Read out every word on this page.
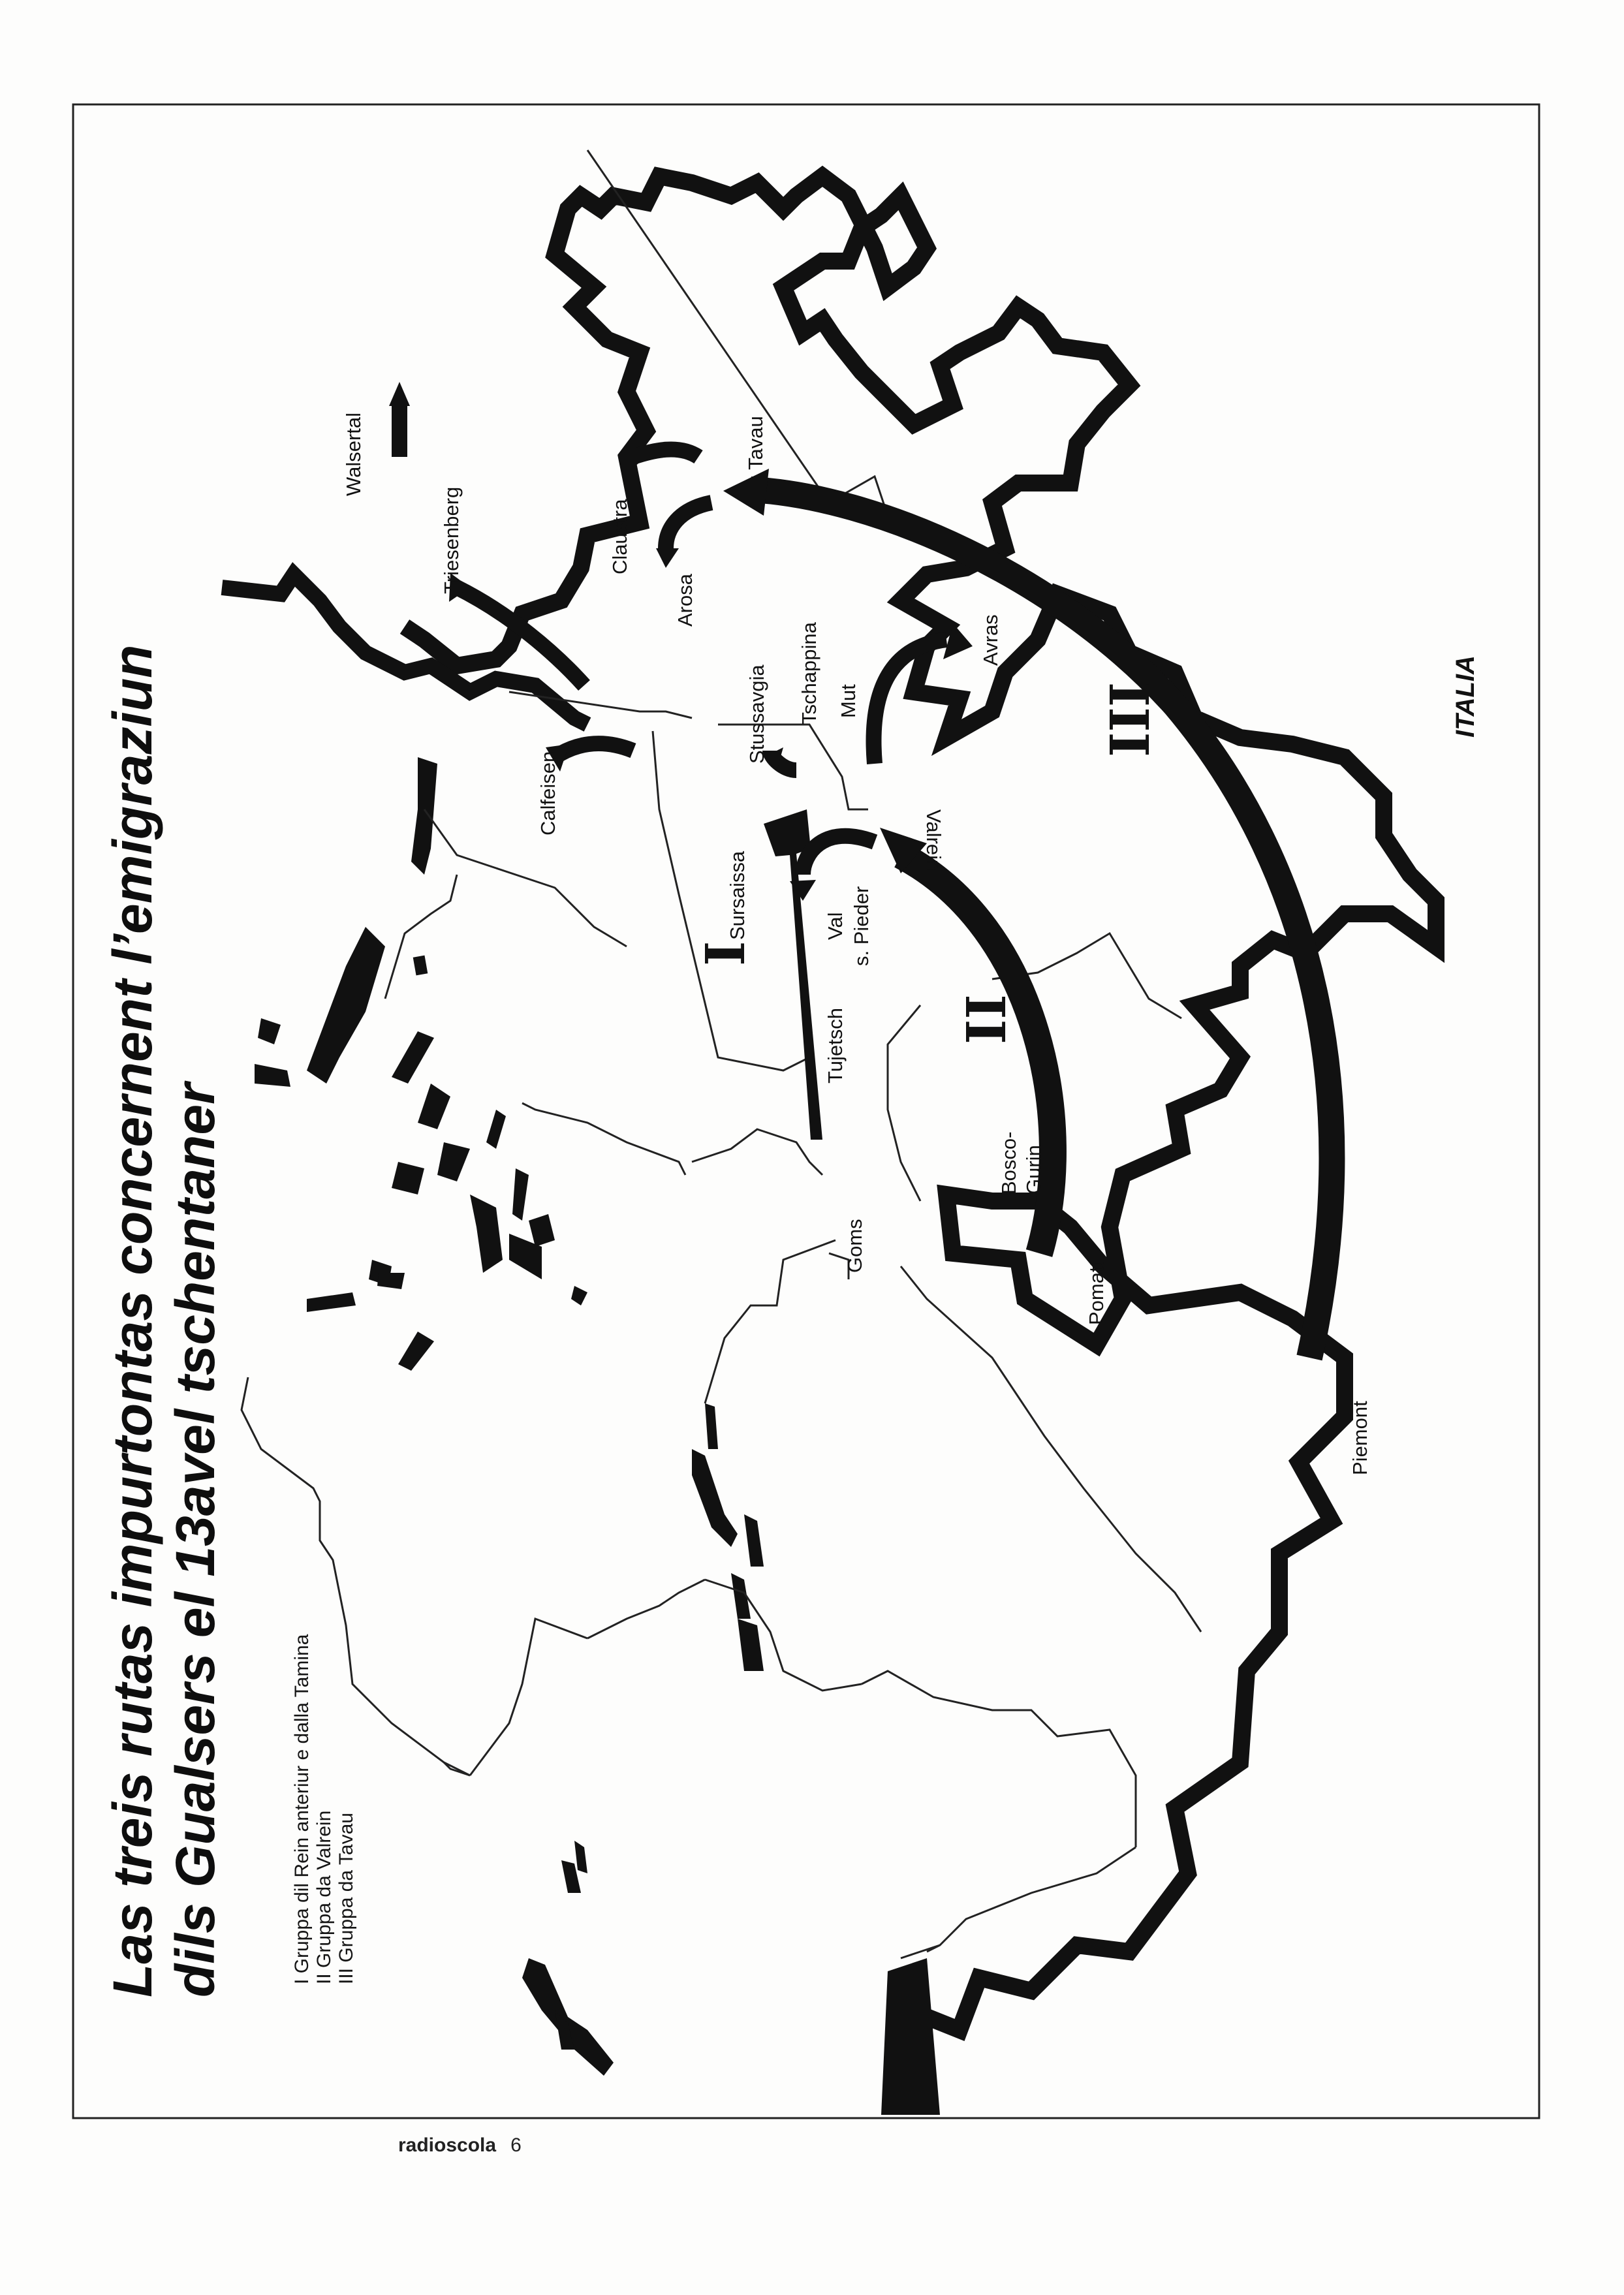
Las treis rutas impurtontas concernent l’emigraziun dils Gualsers el 13avel tschentaner	I Gruppa dil Rein anteriur e dalla Tamina II Gruppa da Valrein III Gruppa da Tavau
I
II
III
Walsertal
Triesenberg	Claustra
Arosa
Tavau
Tschappina Mut
Avras
Stussavgia
Calfeisen
Sursaissa
Valrein
Val s. Pieder
Tujetsch
Bosco- Gurin
Goms
Pomatt
Piemont
ITALIA
radioscola 6
